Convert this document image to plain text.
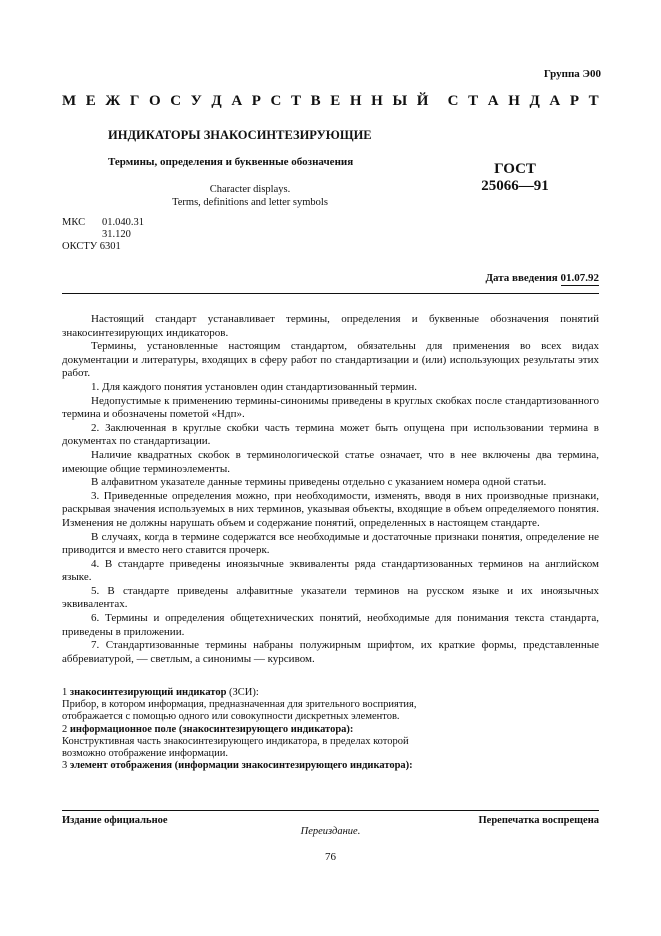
Группа Э00
М Е Ж Г О С У Д А Р С Т В Е Н Н Ы Й С Т А Н Д А Р Т
ИНДИКАТОРЫ ЗНАКОСИНТЕЗИРУЮЩИЕ
Термины, определения и буквенные обозначения
Character displays.
Terms, definitions and letter symbols
ГОСТ
25066—91
МКС	01.040.31
31.120
ОКСТУ 6301
Дата введения 01.07.92

Настоящий стандарт устанавливает термины, определения и буквенные обозначения понятий знакосинтезирующих индикаторов.

Термины, установленные настоящим стандартом, обязательны для применения во всех видах документации и литературы, входящих в сферу работ по стандартизации и (или) использующих результаты этих работ.

1. Для каждого понятия установлен один стандартизованный термин.

Недопустимые к применению термины-синонимы приведены в круглых скобках после стандартизованного термина и обозначены пометой «Ндп».

2. Заключенная в круглые скобки часть термина может быть опущена при использовании термина в документах по стандартизации.

Наличие квадратных скобок в терминологической статье означает, что в нее включены два термина, имеющие общие терминоэлементы.

В алфавитном указателе данные термины приведены отдельно с указанием номера одной статьи.

3. Приведенные определения можно, при необходимости, изменять, вводя в них производные признаки, раскрывая значения используемых в них терминов, указывая объекты, входящие в объем определяемого понятия. Изменения не должны нарушать объем и содержание понятий, определенных в настоящем стандарте.

В случаях, когда в термине содержатся все необходимые и достаточные признаки понятия, определение не приводится и вместо него ставится прочерк.

4. В стандарте приведены иноязычные эквиваленты ряда стандартизованных терминов на английском языке.

5. В стандарте приведены алфавитные указатели терминов на русском языке и их иноязычных эквивалентах.

6. Термины и определения общетехнических понятий, необходимые для понимания текста стандарта, приведены в приложении.

7. Стандартизованные термины набраны полужирным шрифтом, их краткие формы, представленные аббревиатурой, — светлым, а синонимы — курсивом.

1 знакосинтезирующий индикатор (ЗСИ):

Прибор, в котором информация, предназначенная для зрительного восприятия, отображается с помощью одного или совокупности дискретных элементов.

2 информационное поле (знакосинтезирующего индикатора):

Конструктивная часть знакосинтезирующего индикатора, в пределах которой возможно отображение информации.

3 элемент отображения (информации знакосинтезирующего индикатора):
Издание официальное	Перепечатка воспрещена
Переиздание.
76
